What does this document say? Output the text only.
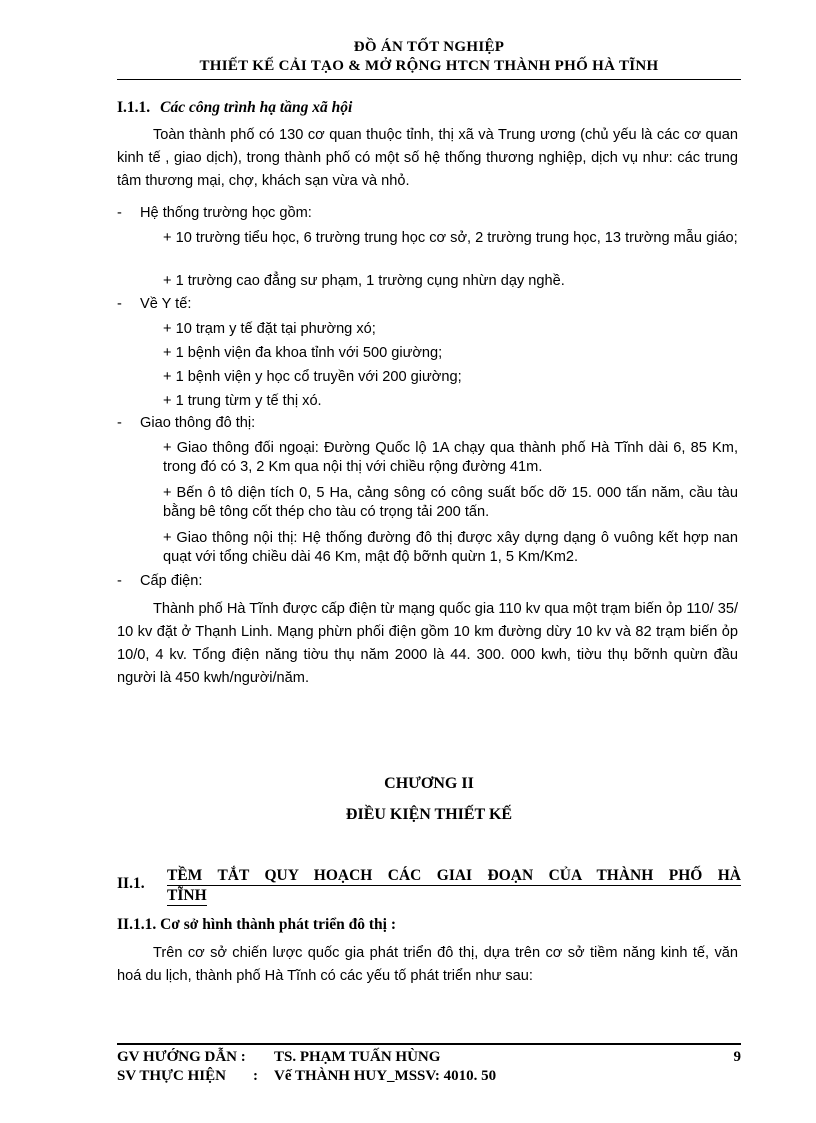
ĐỒ ÁN TỐT NGHIỆP
THIẾT KẾ CẢI TẠO & MỞ RỘNG HTCN THÀNH PHỐ HÀ TĨNH
I.1.1. Các công trình hạ tầng xã hội
Toàn thành phố có 130 cơ quan thuộc tỉnh, thị xã và Trung ương (chủ yếu là các cơ quan kinh tế , giao dịch), trong thành phố có một số hệ thống thương nghiệp, dịch vụ như: các trung tâm thương mại, chợ, khách sạn vừa và nhỏ.
- Hệ thống trường học gồm:
+ 10 trường tiểu học, 6 trường trung học cơ sở, 2 trường trung học, 13 trường mẫu giáo;
+ 1 trường cao đẳng sư phạm, 1 trường cụng nhừn dạy nghề.
- Về Y tế:
+ 10 trạm y tế đặt tại phường xó;
+ 1 bệnh viện đa khoa tỉnh với 500 giường;
+ 1 bệnh viện y học cổ truyền với 200 giường;
+ 1 trung từm y tế thị xó.
- Giao thông đô thị:
+ Giao thông đối ngoại: Đường Quốc lộ 1A chạy qua thành phố Hà Tĩnh dài 6, 85 Km, trong đó có 3, 2 Km qua nội thị với chiều rộng đường 41m.
+ Bến ô tô diện tích 0, 5 Ha, cảng sông có công suất bốc dỡ 15. 000 tấn năm, cầu tàu bằng bê tông cốt thép cho tàu có trọng tải 200 tấn.
+ Giao thông nội thị: Hệ thống đường đô thị được xây dựng dạng ô vuông kết hợp nan quạt với tổng chiều dài 46 Km, mật độ bỡnh quừn 1, 5 Km/Km2.
- Cấp điện:
Thành phố Hà Tĩnh được cấp điện từ mạng quốc gia 110 kv qua một trạm biến ỏp 110/ 35/ 10 kv đặt ở Thạnh Linh. Mạng phừn phối điện gồm 10 km đường dừy 10 kv và 82 trạm biến ỏp 10/0, 4 kv. Tổng điện năng tiờu thụ năm 2000 là 44. 300. 000 kwh, tiờu thụ bỡnh quừn đầu người là 450 kwh/người/năm.
CHƯƠNG II
ĐIỀU KIỆN THIẾT KẾ
II.1. TỀM TẮT QUY HOẠCH CÁC GIAI ĐOẠN CỦA THÀNH PHỐ HÀ
TĨNH
II.1.1. Cơ sở hình thành phát triển đô thị :
Trên cơ sở chiến lược quốc gia phát triển đô thị, dựa trên cơ sở tiềm năng kinh tế, văn hoá du lịch, thành phố Hà Tĩnh có các yếu tố phát triển như sau:
GV HƯỚNG DẪN : TS. PHẠM TUẤN HÙNG	9
SV THỰC HIỆN : Vế THÀNH HUY_MSSV: 4010. 50
